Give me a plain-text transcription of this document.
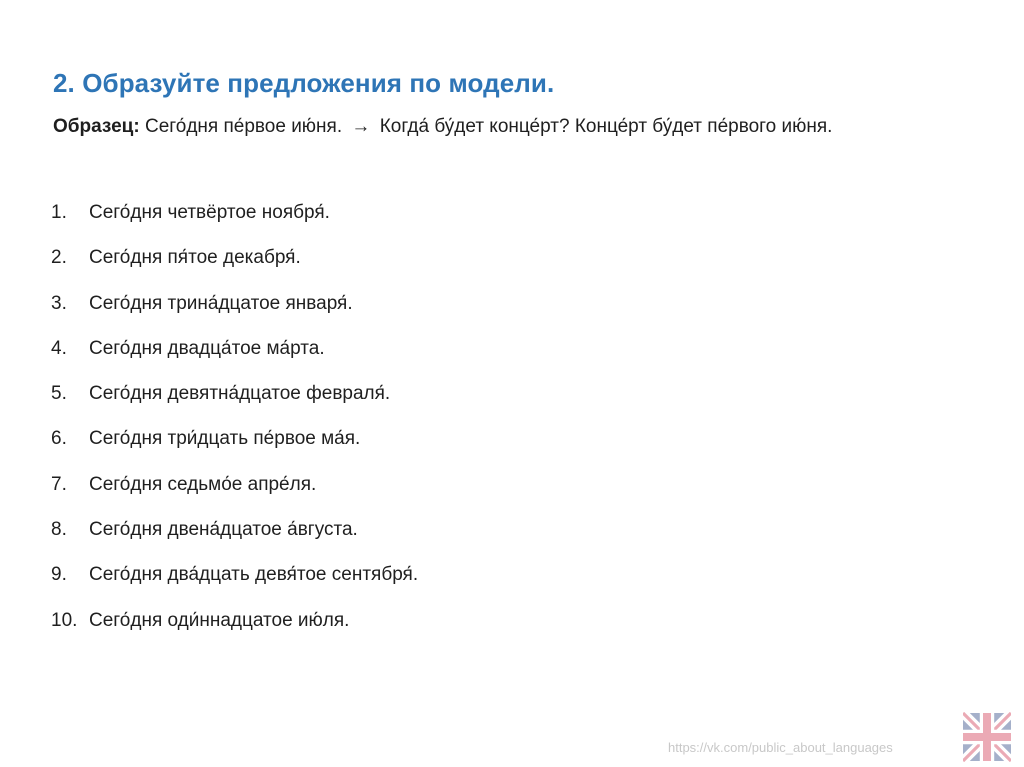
2. Образуйте предложения по модели.
Образец: Сего́дня пе́рвое ию́ня. → Когда́ бу́дет конце́рт? Конце́рт бу́дет пе́рвого ию́ня.
1.	Сего́дня четвёртое ноября́.
2.	Сего́дня пя́тое декабря́.
3.	Сего́дня трина́дцатое января́.
4.	Сего́дня двадца́тое ма́рта.
5.	Сего́дня девятна́дцатое февраля́.
6.	Сего́дня три́дцать пе́рвое ма́я.
7.	Сего́дня седьмо́е апре́ля.
8.	Сего́дня двена́дцатое а́вгуста.
9.	Сего́дня два́дцать девя́тое сентября́.
10. Сего́дня оди́ннадцатое ию́ля.
https://vk.com/public_about_languages
